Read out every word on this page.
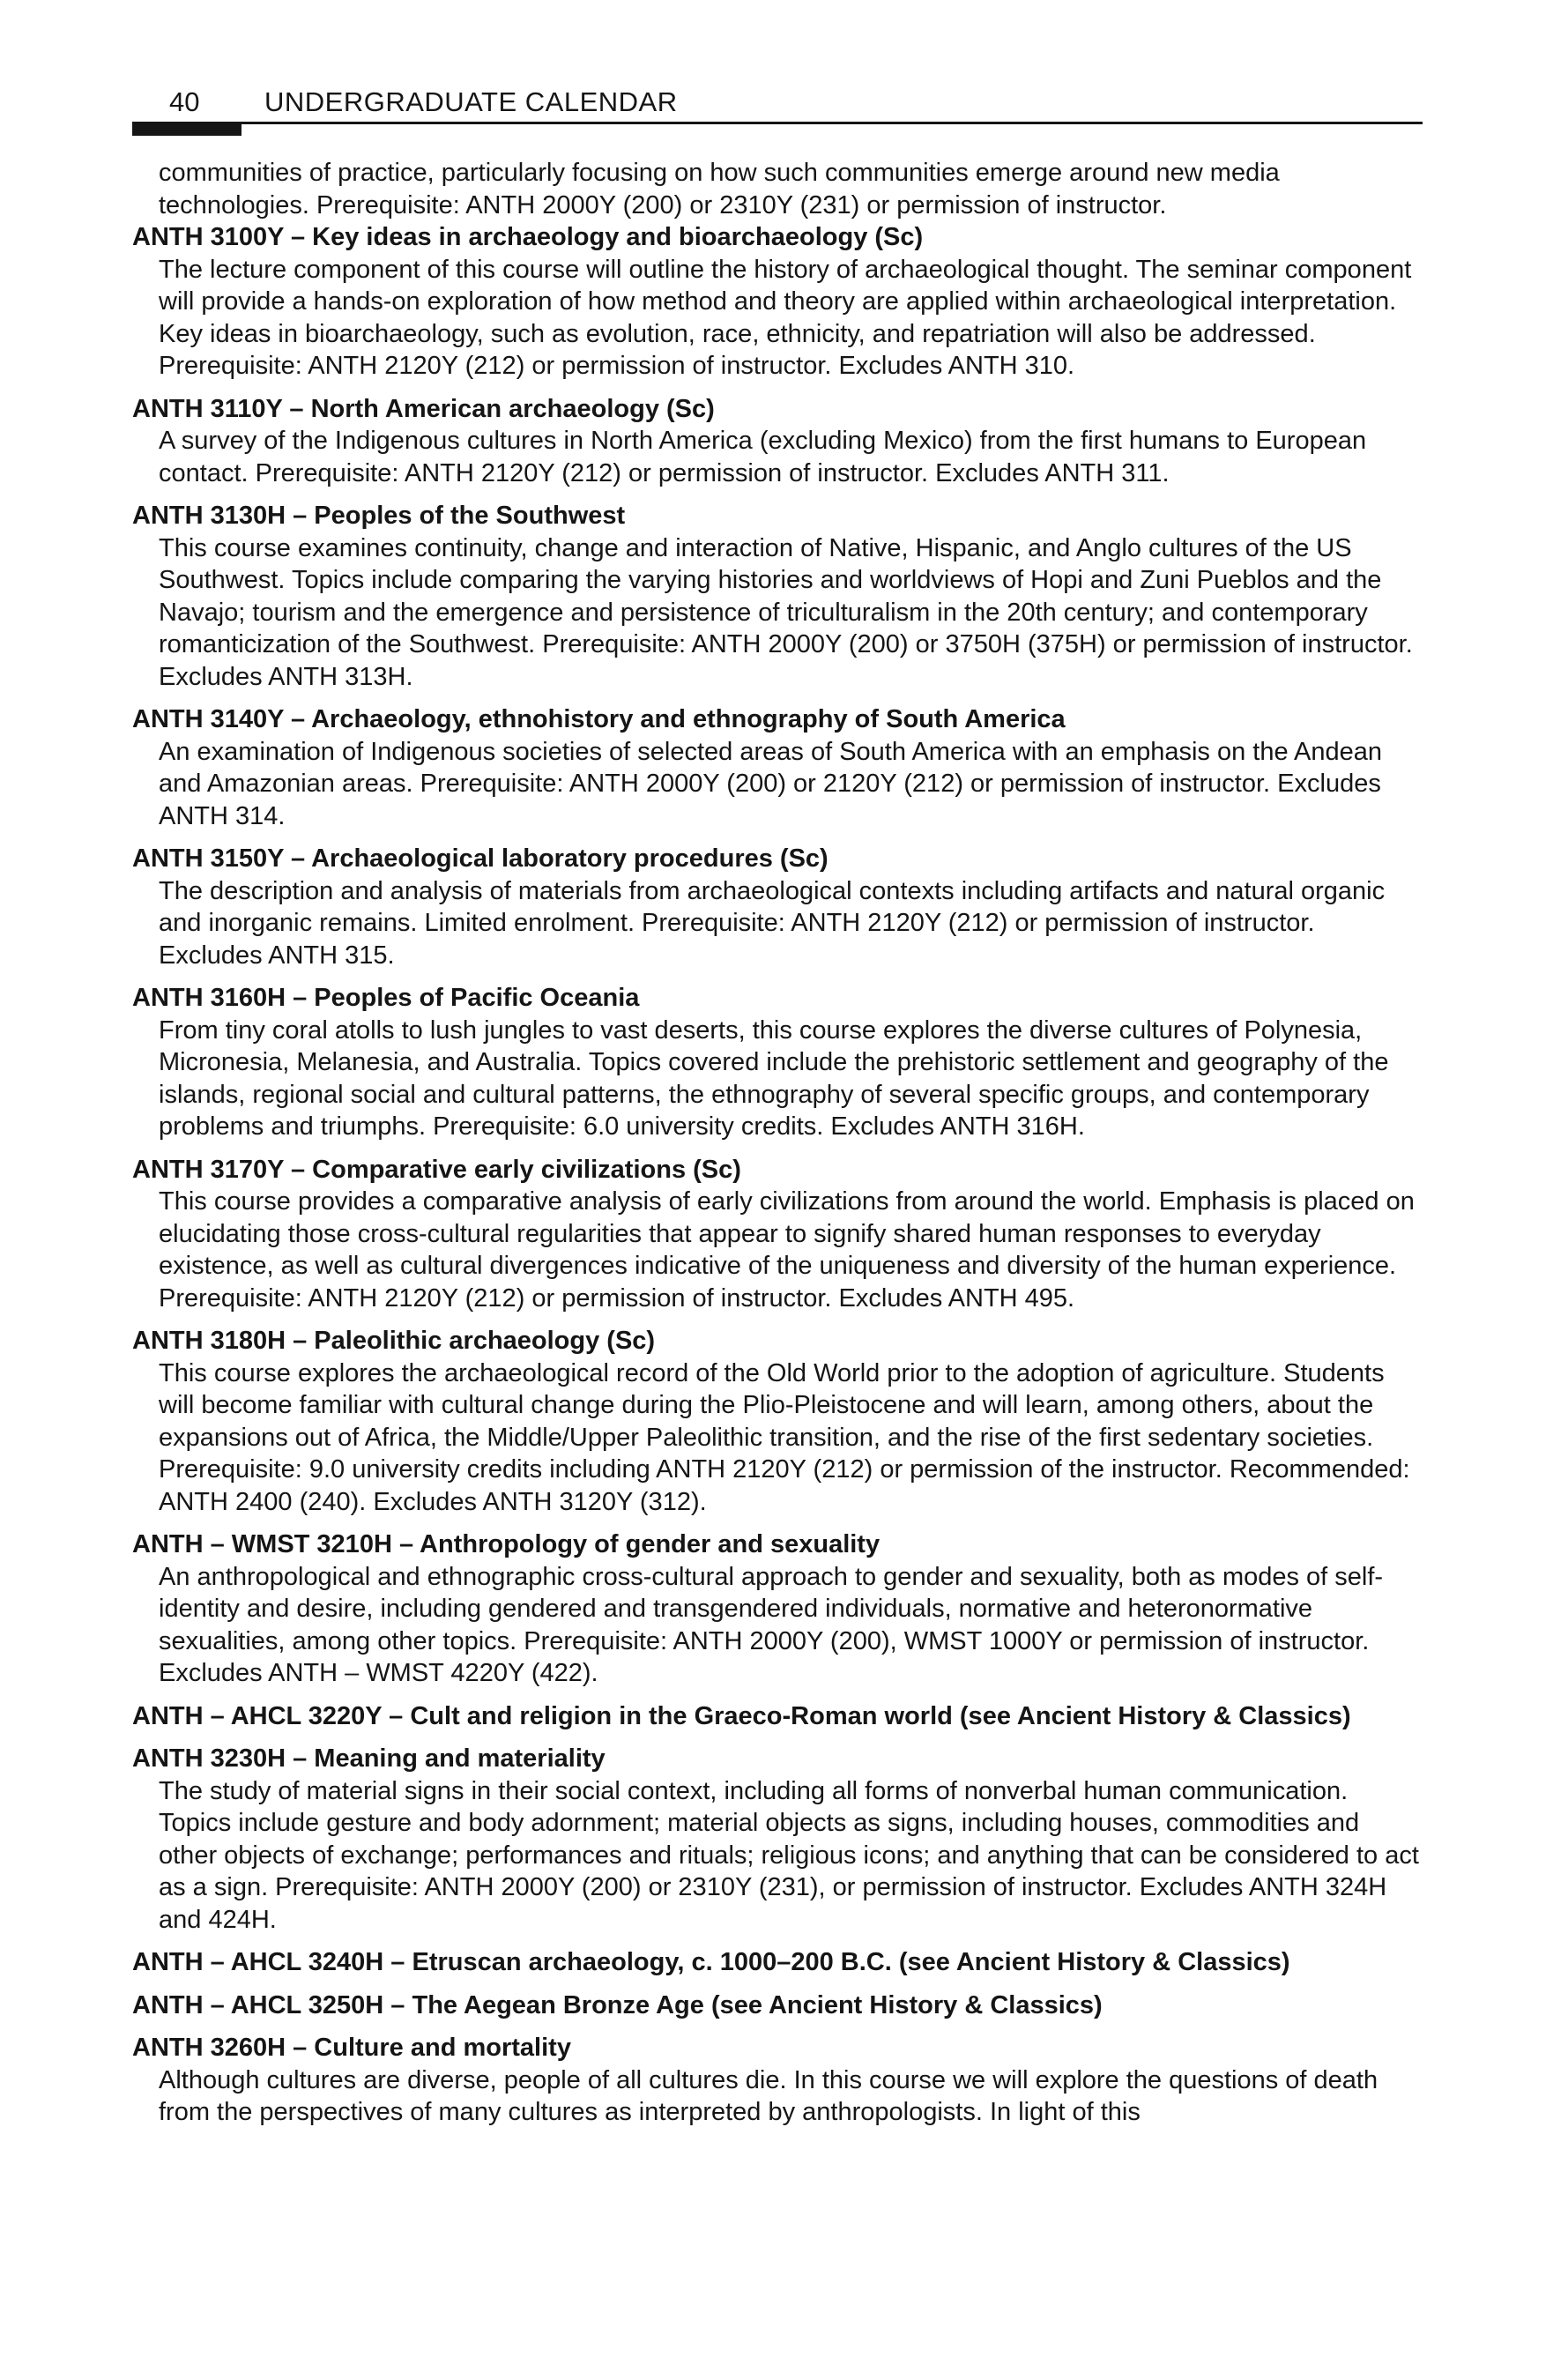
40 UNDERGRADUATE CALENDAR

communities of practice, particularly focusing on how such communities emerge around new media technologies. Prerequisite: ANTH 2000Y (200) or 2310Y (231) or permission of instructor.

ANTH 3100Y – Key ideas in archaeology and bioarchaeology (Sc)

The lecture component of this course will outline the history of archaeological thought. The seminar component will provide a hands-on exploration of how method and theory are applied within archaeological interpretation. Key ideas in bioarchaeology, such as evolution, race, ethnicity, and repatriation will also be addressed. Prerequisite: ANTH 2120Y (212) or permission of instructor. Excludes ANTH 310.

ANTH 3110Y – North American archaeology (Sc)

A survey of the Indigenous cultures in North America (excluding Mexico) from the first humans to European contact. Prerequisite: ANTH 2120Y (212) or permission of instructor. Excludes ANTH 311.

ANTH 3130H – Peoples of the Southwest

This course examines continuity, change and interaction of Native, Hispanic, and Anglo cultures of the US Southwest. Topics include comparing the varying histories and worldviews of Hopi and Zuni Pueblos and the Navajo; tourism and the emergence and persistence of triculturalism in the 20th century; and contemporary romanticization of the Southwest. Prerequisite: ANTH 2000Y (200) or 3750H (375H) or permission of instructor. Excludes ANTH 313H.

ANTH 3140Y – Archaeology, ethnohistory and ethnography of South America

An examination of Indigenous societies of selected areas of South America with an emphasis on the Andean and Amazonian areas. Prerequisite: ANTH 2000Y (200) or 2120Y (212) or permission of instructor. Excludes ANTH 314.

ANTH 3150Y – Archaeological laboratory procedures (Sc)

The description and analysis of materials from archaeological contexts including artifacts and natural organic and inorganic remains. Limited enrolment. Prerequisite: ANTH 2120Y (212) or permission of instructor. Excludes ANTH 315.

ANTH 3160H – Peoples of Pacific Oceania

From tiny coral atolls to lush jungles to vast deserts, this course explores the diverse cultures of Polynesia, Micronesia, Melanesia, and Australia. Topics covered include the prehistoric settlement and geography of the islands, regional social and cultural patterns, the ethnography of several specific groups, and contemporary problems and triumphs. Prerequisite: 6.0 university credits. Excludes ANTH 316H.

ANTH 3170Y – Comparative early civilizations (Sc)

This course provides a comparative analysis of early civilizations from around the world. Emphasis is placed on elucidating those cross-cultural regularities that appear to signify shared human responses to everyday existence, as well as cultural divergences indicative of the uniqueness and diversity of the human experience. Prerequisite: ANTH 2120Y (212) or permission of instructor. Excludes ANTH 495.

ANTH 3180H – Paleolithic archaeology (Sc)

This course explores the archaeological record of the Old World prior to the adoption of agriculture. Students will become familiar with cultural change during the Plio-Pleistocene and will learn, among others, about the expansions out of Africa, the Middle/Upper Paleolithic transition, and the rise of the first sedentary societies. Prerequisite: 9.0 university credits including ANTH 2120Y (212) or permission of the instructor. Recommended: ANTH 2400 (240). Excludes ANTH 3120Y (312).

ANTH – WMST 3210H – Anthropology of gender and sexuality

An anthropological and ethnographic cross-cultural approach to gender and sexuality, both as modes of self-identity and desire, including gendered and transgendered individuals, normative and heteronormative sexualities, among other topics. Prerequisite: ANTH 2000Y (200), WMST 1000Y or permission of instructor. Excludes ANTH – WMST 4220Y (422).

ANTH – AHCL 3220Y – Cult and religion in the Graeco-Roman world (see Ancient History & Classics)

ANTH 3230H – Meaning and materiality

The study of material signs in their social context, including all forms of nonverbal human communication. Topics include gesture and body adornment; material objects as signs, including houses, commodities and other objects of exchange; performances and rituals; religious icons; and anything that can be considered to act as a sign. Prerequisite: ANTH 2000Y (200) or 2310Y (231), or permission of instructor. Excludes ANTH 324H and 424H.

ANTH – AHCL 3240H – Etruscan archaeology, c. 1000–200 B.C. (see Ancient History & Classics)

ANTH – AHCL 3250H – The Aegean Bronze Age (see Ancient History & Classics)

ANTH 3260H – Culture and mortality

Although cultures are diverse, people of all cultures die. In this course we will explore the questions of death from the perspectives of many cultures as interpreted by anthropologists. In light of this
